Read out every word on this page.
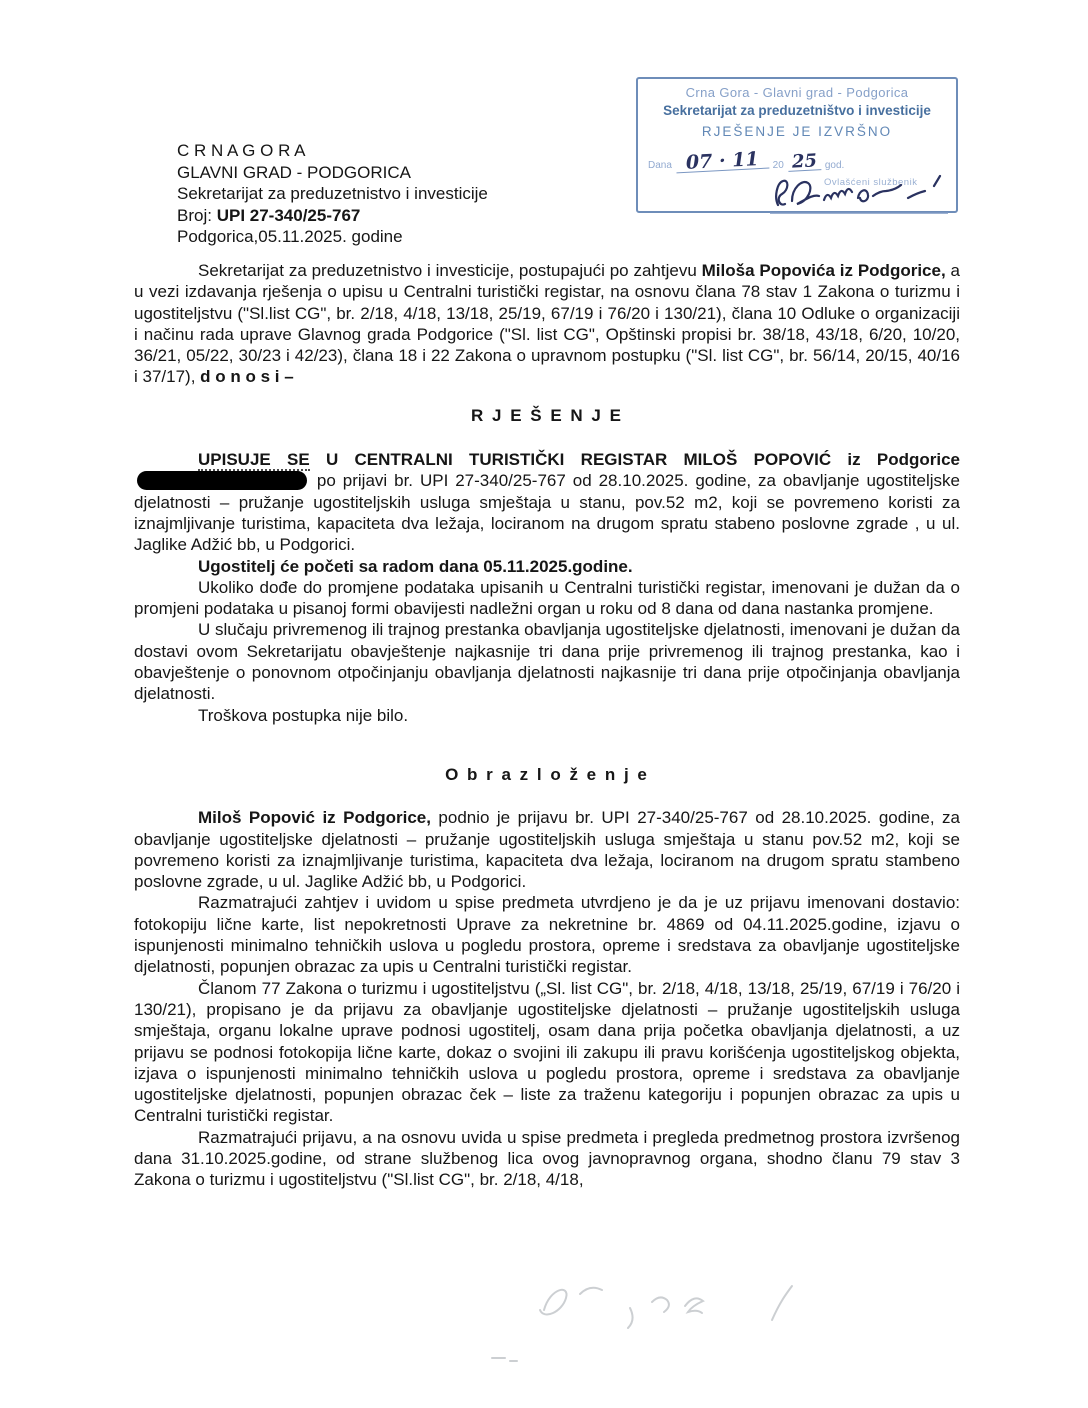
C R N A G O R A
GLAVNI GRAD - PODGORICA
Sekretarijat za preduzetnistvo i investicije
Broj: UPI 27-340/25-767
Podgorica,05.11.2025. godine
Crna Gora - Glavni grad - Podgorica
Sekretarijat za preduzetništvo i investicije
RJEŠENJE JE IZVRŠNO
Dana 07 · 11	20 25 god.
Ovlašćeni službenik

Sekretarijat za preduzetnistvo i investicije, postupajući po zahtjevu Miloša Popovića iz Podgorice, a u vezi izdavanja rješenja o upisu u Centralni turistički registar, na osnovu člana 78 stav 1 Zakona o turizmu i ugostiteljstvu ("Sl.list CG", br. 2/18, 4/18, 13/18, 25/19, 67/19 i 76/20 i 130/21), člana 10 Odluke o organizaciji i načinu rada uprave Glavnog grada Podgorice ("Sl. list CG", Opštinski propisi br. 38/18, 43/18, 6/20, 10/20, 36/21, 05/22, 30/23 i 42/23), člana 18 i 22 Zakona o upravnom postupku ("Sl. list CG", br. 56/14, 20/15, 40/16 i 37/17), d o n o s i –

R J E Š E N J E

UPISUJE SE U CENTRALNI TURISTIČKI REGISTAR MILOŠ POPOVIĆ iz Podgorice po prijavi br. UPI 27-340/25-767 od 28.10.2025. godine, za obavljanje ugostiteljske djelatnosti – pružanje ugostiteljskih usluga smještaja u stanu, pov.52 m2, koji se povremeno koristi za iznajmljivanje turistima, kapaciteta dva ležaja, lociranom na drugom spratu stabeno poslovne zgrade , u ul. Jaglike Adžić bb, u Podgorici.

Ugostitelj će početi sa radom dana 05.11.2025.godine.

Ukoliko dođe do promjene podataka upisanih u Centralni turistički registar, imenovani je dužan da o promjeni podataka u pisanoj formi obavijesti nadležni organ u roku od 8 dana od dana nastanka promjene.

U slučaju privremenog ili trajnog prestanka obavljanja ugostiteljske djelatnosti, imenovani je dužan da dostavi ovom Sekretarijatu obavještenje najkasnije tri dana prije privremenog ili trajnog prestanka, kao i obavještenje o ponovnom otpočinjanju obavljanja djelatnosti najkasnije tri dana prije otpočinjanja obavljanja djelatnosti.

Troškova postupka nije bilo.

O b r a z l o ž e n j e

Miloš Popović iz Podgorice, podnio je prijavu br. UPI 27-340/25-767 od 28.10.2025. godine, za obavljanje ugostiteljske djelatnosti – pružanje ugostiteljskih usluga smještaja u stanu pov.52 m2, koji se povremeno koristi za iznajmljivanje turistima, kapaciteta dva ležaja, lociranom na drugom spratu stambeno poslovne zgrade, u ul. Jaglike Adžić bb, u Podgorici.

Razmatrajući zahtjev i uvidom u spise predmeta utvrdjeno je da je uz prijavu imenovani dostavio: fotokopiju lične karte, list nepokretnosti Uprave za nekretnine br. 4869 od 04.11.2025.godine, izjavu o ispunjenosti minimalno tehničkih uslova u pogledu prostora, opreme i sredstava za obavljanje ugostiteljske djelatnosti, popunjen obrazac za upis u Centralni turistički registar.

Članom 77 Zakona o turizmu i ugostiteljstvu („Sl. list CG", br. 2/18, 4/18, 13/18, 25/19, 67/19 i 76/20 i 130/21), propisano je da prijavu za obavljanje ugostiteljske djelatnosti – pružanje ugostiteljskih usluga smještaja, organu lokalne uprave podnosi ugostitelj, osam dana prija početka obavljanja djelatnosti, a uz prijavu se podnosi fotokopija lične karte, dokaz o svojini ili zakupu ili pravu korišćenja ugostiteljskog objekta, izjava o ispunjenosti minimalno tehničkih uslova u pogledu prostora, opreme i sredstava za obavljanje ugostiteljske djelatnosti, popunjen obrazac ček – liste za traženu kategoriju i popunjen obrazac za upis u Centralni turistički registar.

Razmatrajući prijavu, a na osnovu uvida u spise predmeta i pregleda predmetnog prostora izvršenog dana 31.10.2025.godine, od strane službenog lica ovog javnopravnog organa, shodno članu 79 stav 3 Zakona o turizmu i ugostiteljstvu ("Sl.list CG", br. 2/18, 4/18,
